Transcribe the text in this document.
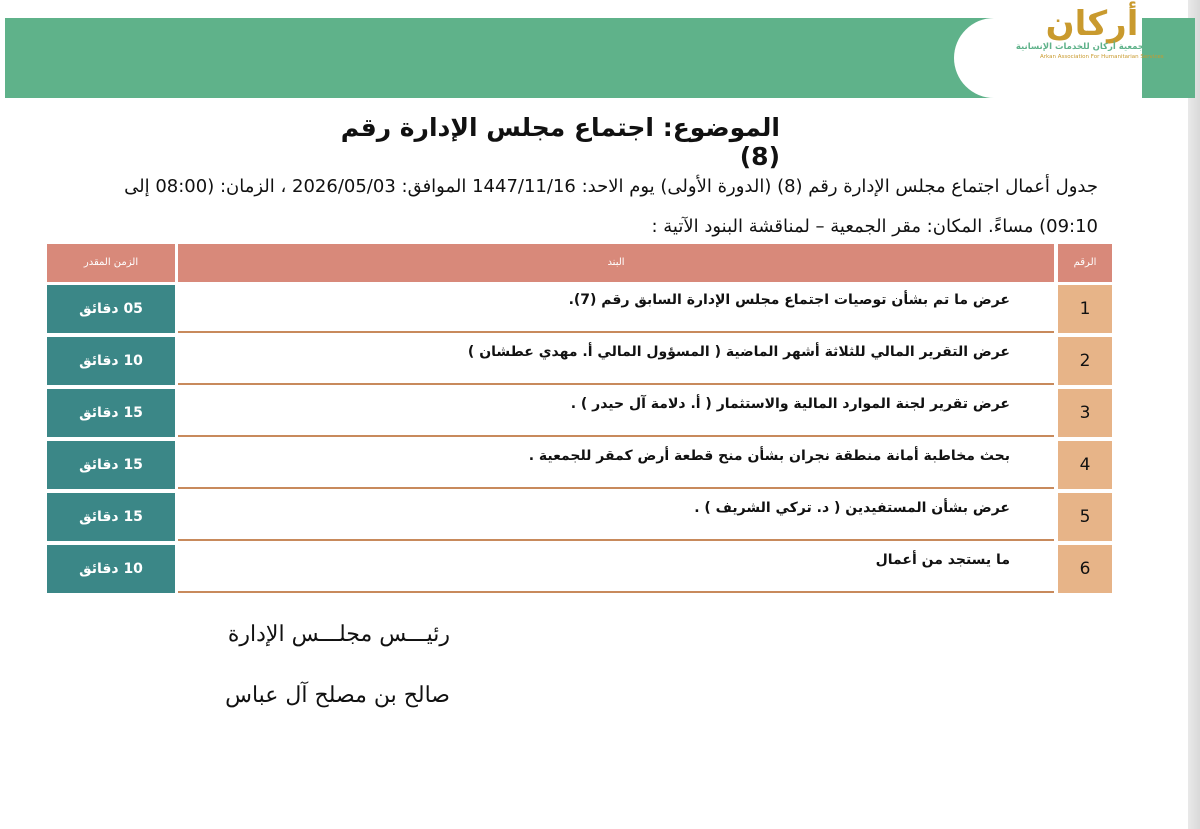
أركان
جمعية أركان للخدمات الإنسانية
Arkan Association For Humanitarian Services
الموضوع: اجتماع مجلس الإدارة رقم (8)
جدول أعمال اجتماع مجلس الإدارة رقم (8) (الدورة الأولى) يوم الاحد: 1447/11/16 الموافق: 2026/05/03 ، الزمان: (08:00 إلى
09:10) مساءً. المكان: مقر الجمعية – لمناقشة البنود الآتية :
الزمن المقدر	البند	الرقم
1
عرض ما تم بشأن توصيات اجتماع مجلس الإدارة السابق رقم (7).
05 دقائق
2
عرض التقرير المالي للثلاثة أشهر الماضية ( المسؤول المالي أ. مهدي عطشان )
10 دقائق
3
عرض تقرير لجنة الموارد المالية والاستثمار ( أ. دلامة آل حيدر ) .
15 دقائق
4
بحث مخاطبة أمانة منطقة نجران بشأن منح قطعة أرض كمقر للجمعية .
15 دقائق
5
عرض بشأن المستفيدين ( د. تركي الشريف ) .
15 دقائق
6
ما يستجد من أعمال
10 دقائق
رئيـــس مجلـــس الإدارة
صالح بن مصلح آل عباس
